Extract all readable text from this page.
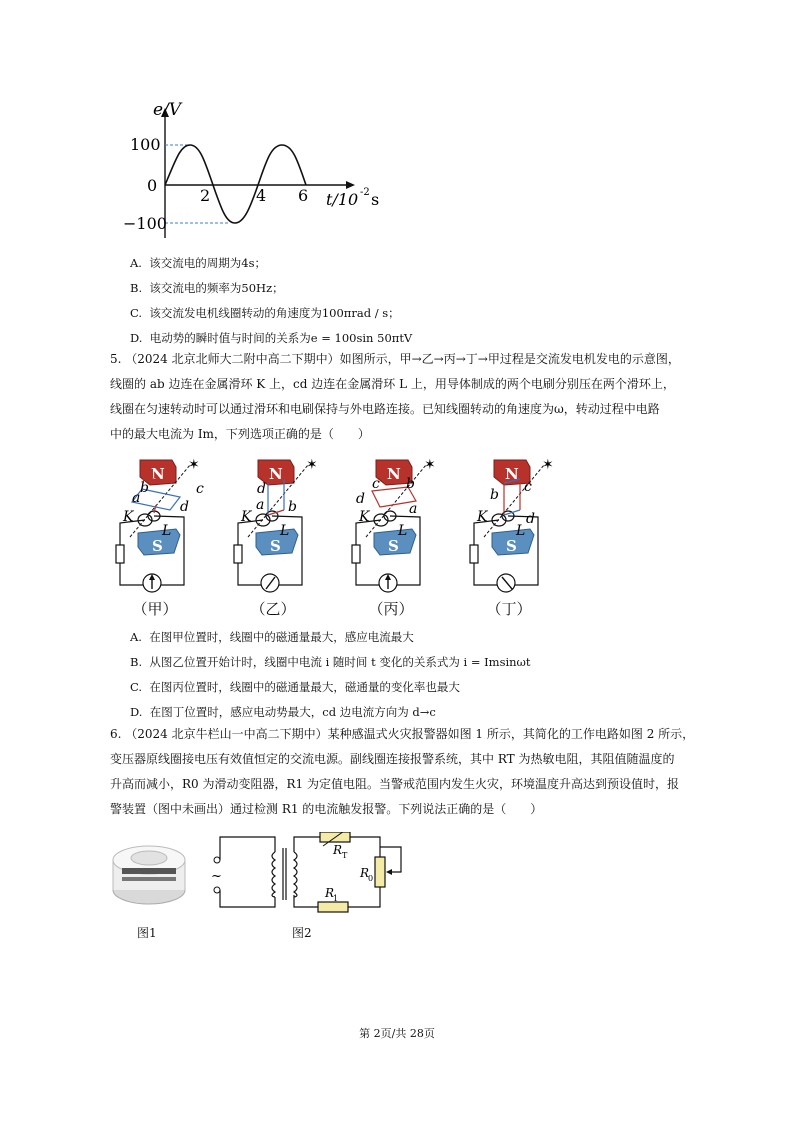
e/V
100
0
−100
2	4 6 t/10 -2 s
A. 该交流电的周期为4s；
B. 该交流电的频率为50Hz；
C. 该交流发电机线圈转动的角速度为100πrad / s；
D. 电动势的瞬时值与时间的关系为e = 100sin 50πtV
5. （2024 北京北师大二附中高二下期中）如图所示，甲→乙→丙→丁→甲过程是交流发电机发电的示意图，
线圈的 ab 边连在金属滑环 K 上，cd 边连在金属滑环 L 上，用导体制成的两个电刷分别压在两个滑环上，
线圈在匀速转动时可以通过滑环和电刷保持与外电路连接。已知线圈转动的角速度为ω，转动过程中电路
中的最大电流为 Im，下列选项正确的是（　　）
a
b	c
d
K
L
✶
d
a b
K
L
✶
c b
d
a
K
L
✶
b c
d
K
L
✶
（甲）	（乙）	（丙）	（丁）
A. 在图甲位置时，线圈中的磁通量最大，感应电流最大
B. 从图乙位置开始计时，线圈中电流 i 随时间 t 变化的关系式为 i = Imsinωt
C. 在图丙位置时，线圈中的磁通量最大，磁通量的变化率也最大
D. 在图丁位置时，感应电动势最大，cd 边电流方向为 d→c
6. （2024 北京牛栏山一中高二下期中）某种感温式火灾报警器如图 1 所示，其简化的工作电路如图 2 所示，
变压器原线圈接电压有效值恒定的交流电源。副线圈连接报警系统，其中 RT 为热敏电阻，其阻值随温度的
升高而减小，R0 为滑动变阻器，R1 为定值电阻。当警戒范围内发生火灾，环境温度升高达到预设值时，报
警装置（图中未画出）通过检测 R1 的电流触发报警。下列说法正确的是（　　）
图1
~
R T
R
0
R
1
图2
第 2页/共 28页
